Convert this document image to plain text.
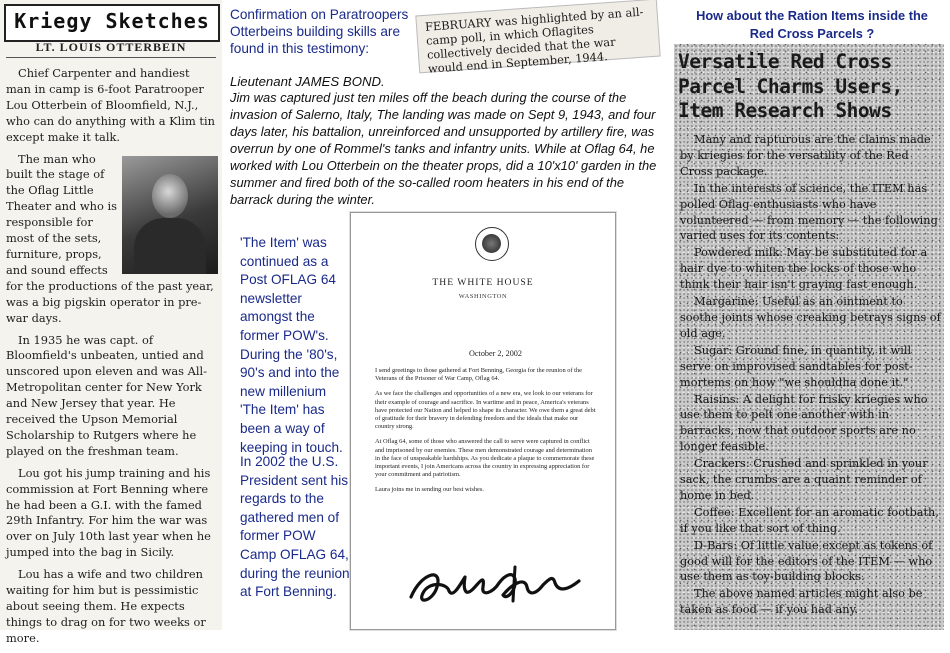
Kriegy Sketches
LT. LOUIS OTTERBEIN

Chief Carpenter and handiest man in camp is 6-foot Paratrooper Lou Otterbein of Bloomfield, N.J., who can do anything with a Klim tin except make it talk.

The man who built the stage of the Oflag Little Theater and who is responsible for most of the sets, furniture, props, and sound effects for the productions of the past year, was a big pigskin operator in pre-war days.

In 1935 he was capt. of Bloomfield's unbeaten, untied and unscored upon eleven and was All-Metropolitan center for New York and New Jersey that year. He received the Upson Memorial Scholarship to Rutgers where he played on the freshman team.

Lou got his jump training and his commission at Fort Benning where he had been a G.I. with the famed 29th Infantry. For him the war was over on July 10th last year when he jumped into the bag in Sicily.

Lou has a wife and two children waiting for him but is pessimistic about seeing them. He expects things to drag on for two weeks or more.

Confirmation on Paratroopers Otterbeins building skills are found in this testimony:

FEBRUARY was highlighted by an all-camp poll, in which Oflagites collectively decided that the war would end in September, 1944.

Lieutenant JAMES BOND.

Jim was captured just ten miles off the beach during the course of the invasion of Salerno, Italy, The landing was made on Sept 9, 1943, and four days later, his battalion, unreinforced and unsupported by artillery fire, was overrun by one of Rommel's tanks and infantry units. While at Oflag 64, he worked with Lou Otterbein on the theater props, did a 10'x10' garden in the summer and fired both of the so-called room heaters in his end of the barrack during the winter.

'The Item' was continued as a Post OFLAG 64 newsletter amongst the former POW's. During the '80's, 90's and into the new millenium 'The Item' has been a way of keeping in touch.

In 2002 the U.S. President sent his regards to the gathered men of former POW Camp OFLAG 64, during the reunion at Fort Benning.

THE WHITE HOUSE
WASHINGTON
October 2, 2002

I send greetings to those gathered at Fort Benning, Georgia for the reunion of the Veterans of the Prisoner of War Camp, Oflag 64.

As we face the challenges and opportunities of a new era, we look to our veterans for their example of courage and sacrifice. In wartime and in peace, America's veterans have protected our Nation and helped to shape its character. We owe them a great debt of gratitude for their bravery in defending freedom and the ideals that make our country strong.

At Oflag 64, some of those who answered the call to serve were captured in conflict and imprisoned by our enemies. These men demonstrated courage and determination in the face of unspeakable hardships. As you dedicate a plaque to commemorate these important events, I join Americans across the country in expressing appreciation for your commitment and patriotism.

Laura joins me in sending our best wishes.

How about the Ration Items inside the Red Cross Parcels ?

Versatile Red Cross Parcel Charms Users, Item Research Shows

Many and rapturous are the claims made by kriegies for the versatility of the Red Cross package.

In the interests of science, the ITEM has polled Oflag enthusiasts who have volunteered — from memory — the following varied uses for its contents:

Powdered milk: May be substituted for a hair dye to whiten the locks of those who think their hair isn't graying fast enough.

Margarine: Useful as an ointment to soothe joints whose creaking betrays signs of old age.

Sugar: Ground fine, in quantity, it will serve on improvised sandtables for post-mortems on how "we shouldha done it."

Raisins: A delight for frisky kriegies who use them to pelt one another with in barracks, now that outdoor sports are no longer feasible.

Crackers: Crushed and sprinkled in your sack, the crumbs are a quaint reminder of home in bed.

Coffee: Excellent for an aromatic footbath, if you like that sort of thing.

D-Bars: Of little value except as tokens of good will for the editors of the ITEM — who use them as toy-building blocks.

The above named articles might also be taken as food — if you had any.
